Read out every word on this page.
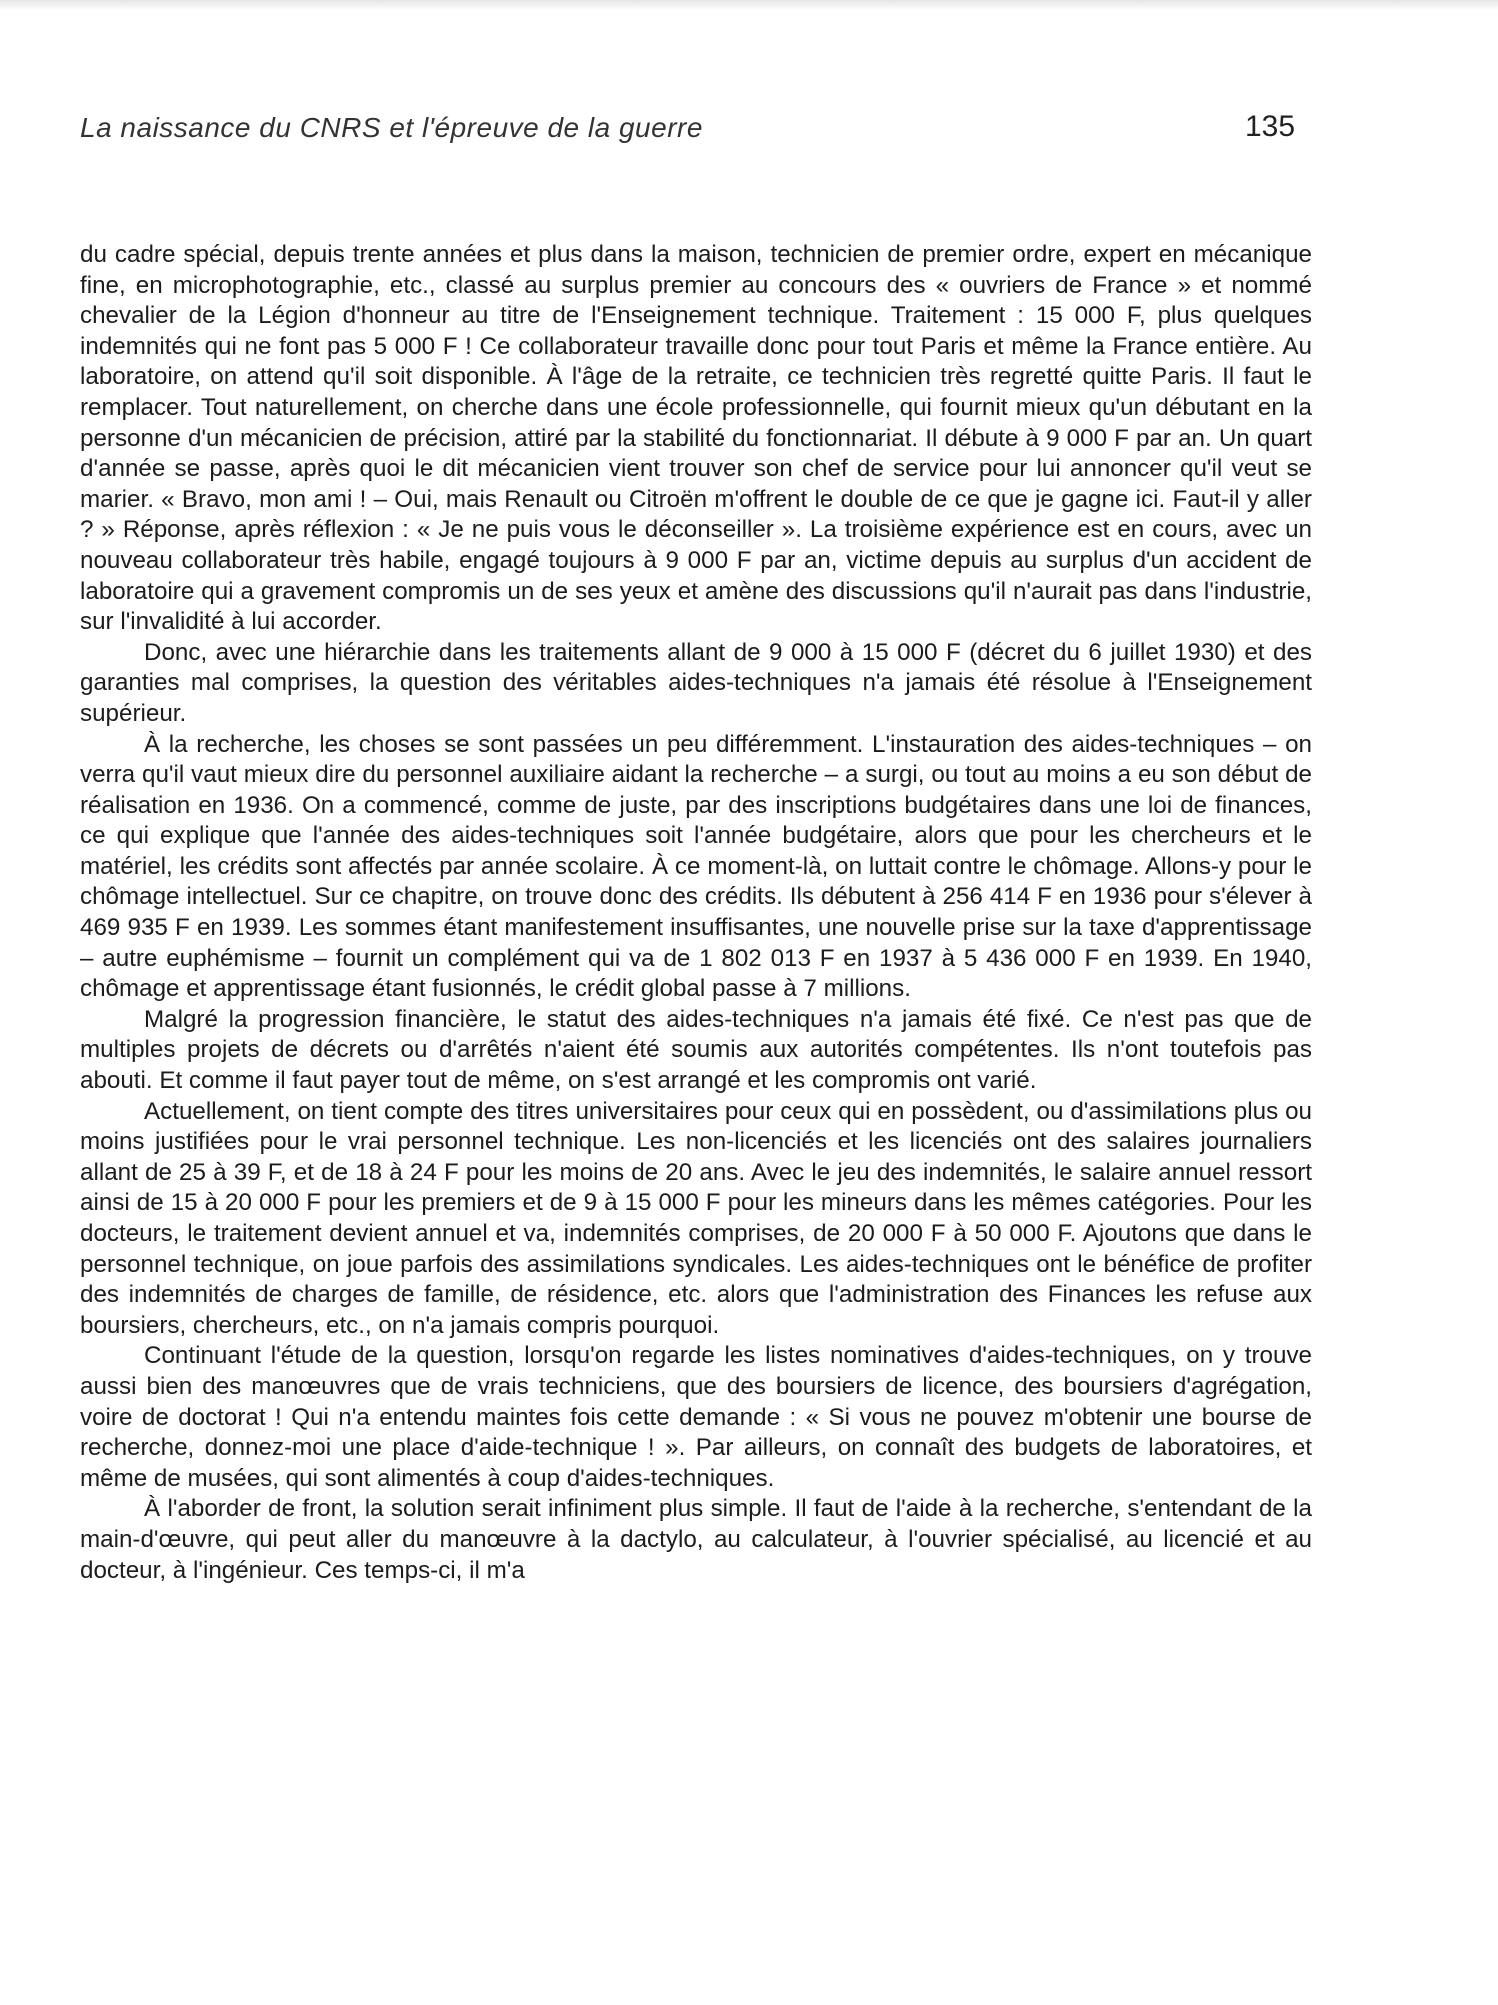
La naissance du CNRS et l'épreuve de la guerre	135

du cadre spécial, depuis trente années et plus dans la maison, technicien de premier ordre, expert en mécanique fine, en microphotographie, etc., classé au surplus premier au concours des « ouvriers de France » et nommé chevalier de la Légion d'honneur au titre de l'Enseignement technique. Traitement : 15 000 F, plus quelques indemnités qui ne font pas 5 000 F ! Ce collaborateur travaille donc pour tout Paris et même la France entière. Au laboratoire, on attend qu'il soit disponible. À l'âge de la retraite, ce technicien très regretté quitte Paris. Il faut le remplacer. Tout naturellement, on cherche dans une école professionnelle, qui fournit mieux qu'un débutant en la personne d'un mécanicien de précision, attiré par la stabilité du fonctionnariat. Il débute à 9 000 F par an. Un quart d'année se passe, après quoi le dit mécanicien vient trouver son chef de service pour lui annoncer qu'il veut se marier. « Bravo, mon ami ! – Oui, mais Renault ou Citroën m'offrent le double de ce que je gagne ici. Faut-il y aller ? » Réponse, après réflexion : « Je ne puis vous le déconseiller ». La troisième expérience est en cours, avec un nouveau collaborateur très habile, engagé toujours à 9 000 F par an, victime depuis au surplus d'un accident de laboratoire qui a gravement compromis un de ses yeux et amène des discussions qu'il n'aurait pas dans l'industrie, sur l'invalidité à lui accorder.

Donc, avec une hiérarchie dans les traitements allant de 9 000 à 15 000 F (décret du 6 juillet 1930) et des garanties mal comprises, la question des véritables aides-techniques n'a jamais été résolue à l'Enseignement supérieur.

À la recherche, les choses se sont passées un peu différemment. L'instauration des aides-techniques – on verra qu'il vaut mieux dire du personnel auxiliaire aidant la recherche – a surgi, ou tout au moins a eu son début de réalisation en 1936. On a commencé, comme de juste, par des inscriptions budgétaires dans une loi de finances, ce qui explique que l'année des aides-techniques soit l'année budgétaire, alors que pour les chercheurs et le matériel, les crédits sont affectés par année scolaire. À ce moment-là, on luttait contre le chômage. Allons-y pour le chômage intellectuel. Sur ce chapitre, on trouve donc des crédits. Ils débutent à 256 414 F en 1936 pour s'élever à 469 935 F en 1939. Les sommes étant manifestement insuffisantes, une nouvelle prise sur la taxe d'apprentissage – autre euphémisme – fournit un complément qui va de 1 802 013 F en 1937 à 5 436 000 F en 1939. En 1940, chômage et apprentissage étant fusionnés, le crédit global passe à 7 millions.

Malgré la progression financière, le statut des aides-techniques n'a jamais été fixé. Ce n'est pas que de multiples projets de décrets ou d'arrêtés n'aient été soumis aux autorités compétentes. Ils n'ont toutefois pas abouti. Et comme il faut payer tout de même, on s'est arrangé et les compromis ont varié.

Actuellement, on tient compte des titres universitaires pour ceux qui en possèdent, ou d'assimilations plus ou moins justifiées pour le vrai personnel technique. Les non-licenciés et les licenciés ont des salaires journaliers allant de 25 à 39 F, et de 18 à 24 F pour les moins de 20 ans. Avec le jeu des indemnités, le salaire annuel ressort ainsi de 15 à 20 000 F pour les premiers et de 9 à 15 000 F pour les mineurs dans les mêmes catégories. Pour les docteurs, le traitement devient annuel et va, indemnités comprises, de 20 000 F à 50 000 F. Ajoutons que dans le personnel technique, on joue parfois des assimilations syndicales. Les aides-techniques ont le bénéfice de profiter des indemnités de charges de famille, de résidence, etc. alors que l'administration des Finances les refuse aux boursiers, chercheurs, etc., on n'a jamais compris pourquoi.

Continuant l'étude de la question, lorsqu'on regarde les listes nominatives d'aides-techniques, on y trouve aussi bien des manœuvres que de vrais techniciens, que des boursiers de licence, des boursiers d'agrégation, voire de doctorat ! Qui n'a entendu maintes fois cette demande : « Si vous ne pouvez m'obtenir une bourse de recherche, donnez-moi une place d'aide-technique ! ». Par ailleurs, on connaît des budgets de laboratoires, et même de musées, qui sont alimentés à coup d'aides-techniques.

À l'aborder de front, la solution serait infiniment plus simple. Il faut de l'aide à la recherche, s'entendant de la main-d'œuvre, qui peut aller du manœuvre à la dactylo, au calculateur, à l'ouvrier spécialisé, au licencié et au docteur, à l'ingénieur. Ces temps-ci, il m'a
